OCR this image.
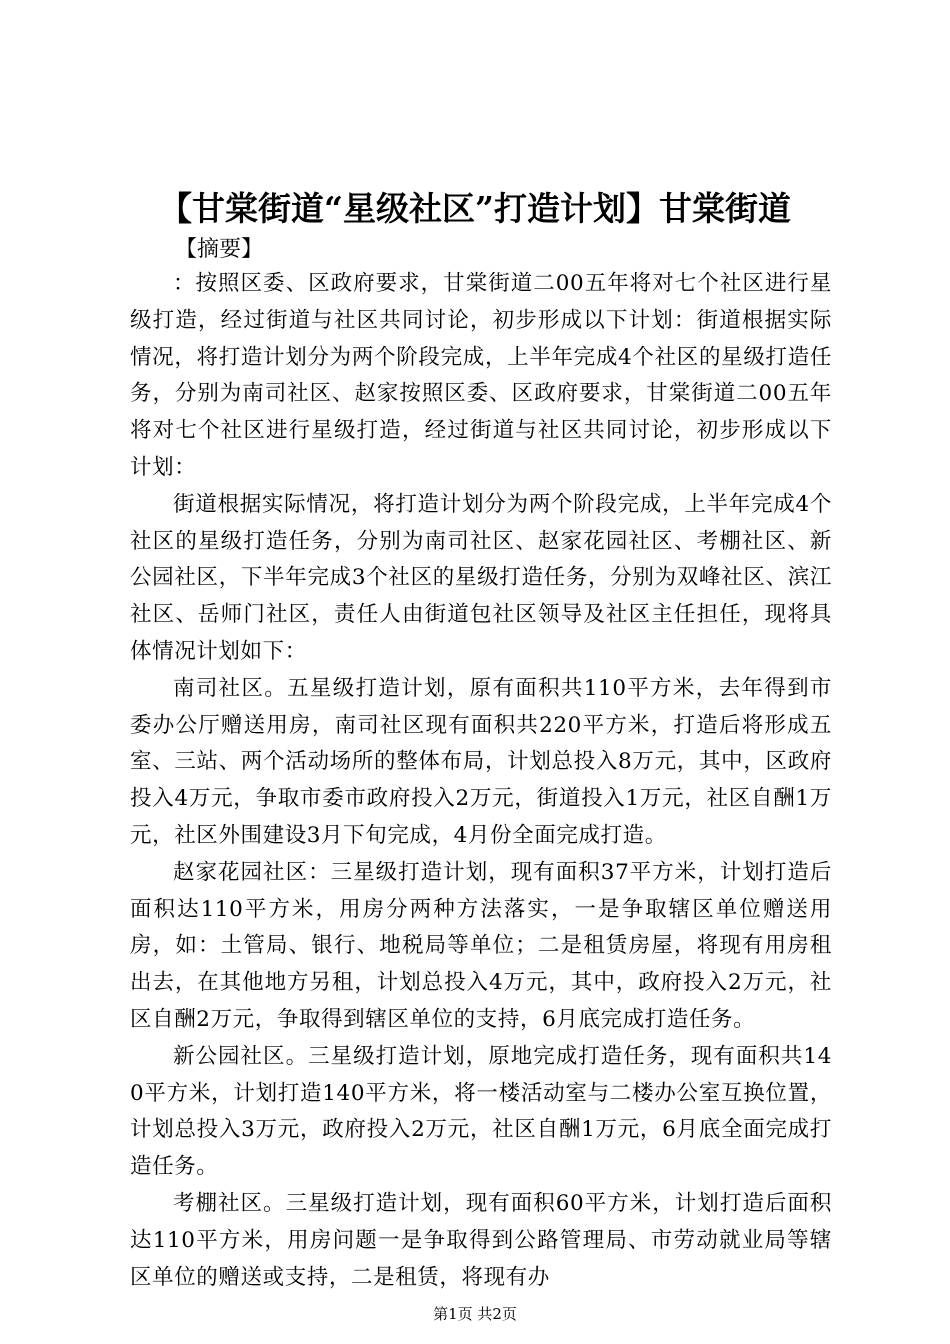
【甘棠街道“星级社区”打造计划】甘棠街道
【摘要】

：按照区委、区政府要求，甘棠街道二00五年将对七个社区进行星级打造，经过街道与社区共同讨论，初步形成以下计划：街道根据实际情况，将打造计划分为两个阶段完成，上半年完成4个社区的星级打造任务，分别为南司社区、赵家按照区委、区政府要求，甘棠街道二00五年将对七个社区进行星级打造，经过街道与社区共同讨论，初步形成以下计划：

街道根据实际情况，将打造计划分为两个阶段完成，上半年完成4个社区的星级打造任务，分别为南司社区、赵家花园社区、考棚社区、新公园社区，下半年完成3个社区的星级打造任务，分别为双峰社区、滨江社区、岳师门社区，责任人由街道包社区领导及社区主任担任，现将具体情况计划如下：

南司社区。五星级打造计划，原有面积共110平方米，去年得到市委办公厅赠送用房，南司社区现有面积共220平方米，打造后将形成五室、三站、两个活动场所的整体布局，计划总投入8万元，其中，区政府投入4万元，争取市委市政府投入2万元，街道投入1万元，社区自酬1万元，社区外围建设3月下旬完成，4月份全面完成打造。

赵家花园社区：三星级打造计划，现有面积37平方米，计划打造后面积达110平方米，用房分两种方法落实，一是争取辖区单位赠送用房，如：土管局、银行、地税局等单位；二是租赁房屋，将现有用房租出去，在其他地方另租，计划总投入4万元，其中，政府投入2万元，社区自酬2万元，争取得到辖区单位的支持，6月底完成打造任务。

新公园社区。三星级打造计划，原地完成打造任务，现有面积共140平方米，计划打造140平方米，将一楼活动室与二楼办公室互换位置，计划总投入3万元，政府投入2万元，社区自酬1万元，6月底全面完成打造任务。

考棚社区。三星级打造计划，现有面积60平方米，计划打造后面积达110平方米，用房问题一是争取得到公路管理局、市劳动就业局等辖区单位的赠送或支持，二是租赁，将现有办

第1页 共2页
